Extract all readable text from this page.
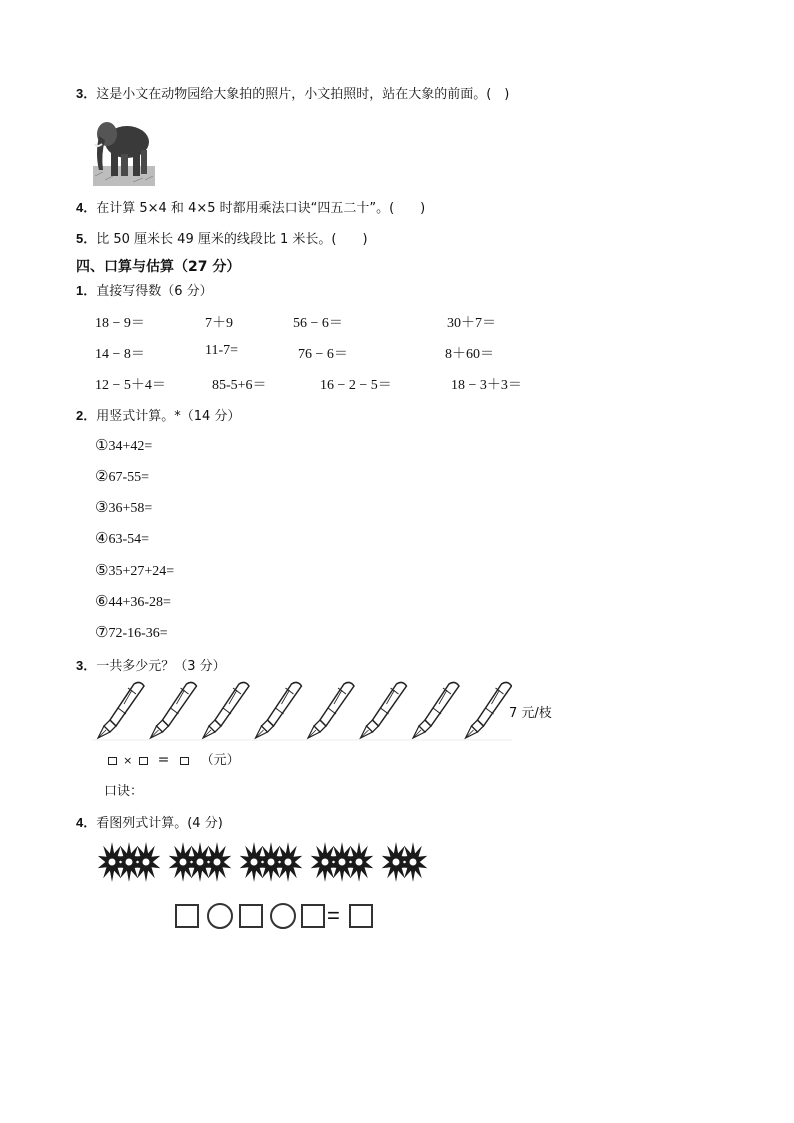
3．这是小文在动物园给大象拍的照片，小文拍照时，站在大象的前面。(　)
4．在计算 5×4 和 4×5 时都用乘法口诀“四五二十”。(　　)
5．比 50 厘米长 49 厘米的线段比 1 米长。(　　)
四、口算与估算（27 分）
1．直接写得数（6 分）
18 − 9＝	7＋9	56 − 6＝	30＋7＝
14 − 8＝	11-7=	76 − 6＝	8＋60＝
12 − 5＋4＝	85-5+6＝	16 − 2 − 5＝	18 − 3＋3＝
2．用竖式计算。*（14 分）
①34+42=
②67-55=
③36+58=
④63-54=
⑤35+27+24=
⑥44+36-28=
⑦72-16-36=
3．一共多少元？（3 分）
7 元/枝
× = （元）
口诀：
4．看图列式计算。(4 分)
=
